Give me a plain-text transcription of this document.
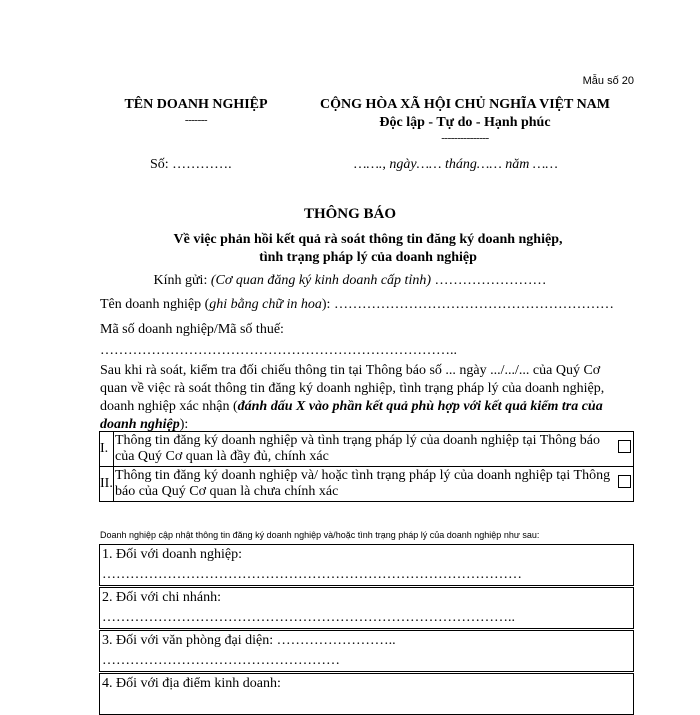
Mẫu số 20
TÊN DOANH NGHIỆP
-------
CỘNG HÒA XÃ HỘI CHỦ NGHĨA VIỆT NAM
Độc lập - Tự do - Hạnh phúc
---------------
Số: ………….	……., ngày…… tháng…… năm ……
THÔNG BÁO
Về việc phản hồi kết quả rà soát thông tin đăng ký doanh nghiệp,
tình trạng pháp lý của doanh nghiệp
Kính gửi: (Cơ quan đăng ký kinh doanh cấp tỉnh) ……………………
Tên doanh nghiệp (ghi bằng chữ in hoa): ……………………………………………………
Mã số doanh nghiệp/Mã số thuế:
…………………………………………………………………..
Sau khi rà soát, kiểm tra đối chiếu thông tin tại Thông báo số ... ngày .../.../... của Quý Cơ quan về việc rà soát thông tin đăng ký doanh nghiệp, tình trạng pháp lý của doanh nghiệp, doanh nghiệp xác nhận (đánh dấu X vào phần kết quả phù hợp với kết quả kiểm tra của doanh nghiệp):
I.	Thông tin đăng ký doanh nghiệp và tình trạng pháp lý của doanh nghiệp tại Thông báo của Quý Cơ quan là đầy đủ, chính xác	
II.	Thông tin đăng ký doanh nghiệp và/ hoặc tình trạng pháp lý của doanh nghiệp tại Thông báo của Quý Cơ quan là chưa chính xác	
Doanh nghiệp cập nhật thông tin đăng ký doanh nghiệp và/hoặc tình trạng pháp lý của doanh nghiệp như sau:
1. Đối với doanh nghiệp:
………………………………………………………………………………
2. Đối với chi nhánh:
……………………………………………………………………………..
3. Đối với văn phòng đại diện: ……………………..
……………………………………………
4. Đối với địa điểm kinh doanh:
